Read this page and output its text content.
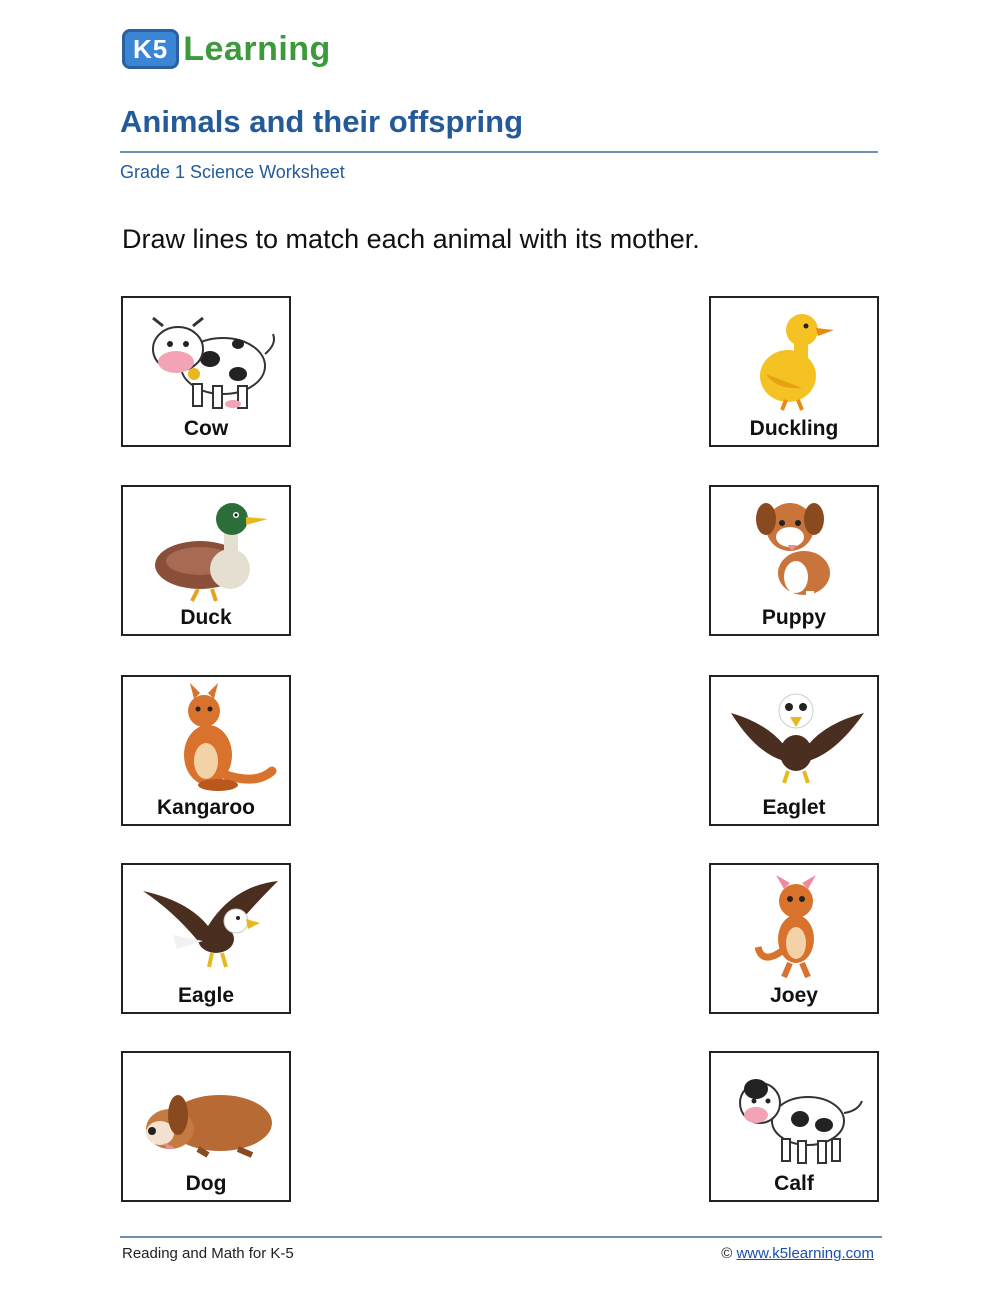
K5 Learning
Animals and their offspring
Grade 1 Science Worksheet
Draw lines to match each animal with its mother.
Cow
Duck
Kangaroo
Eagle
Dog
Duckling
Puppy
Eaglet
Joey
Calf
Reading and Math for K-5	© www.k5learning.com
